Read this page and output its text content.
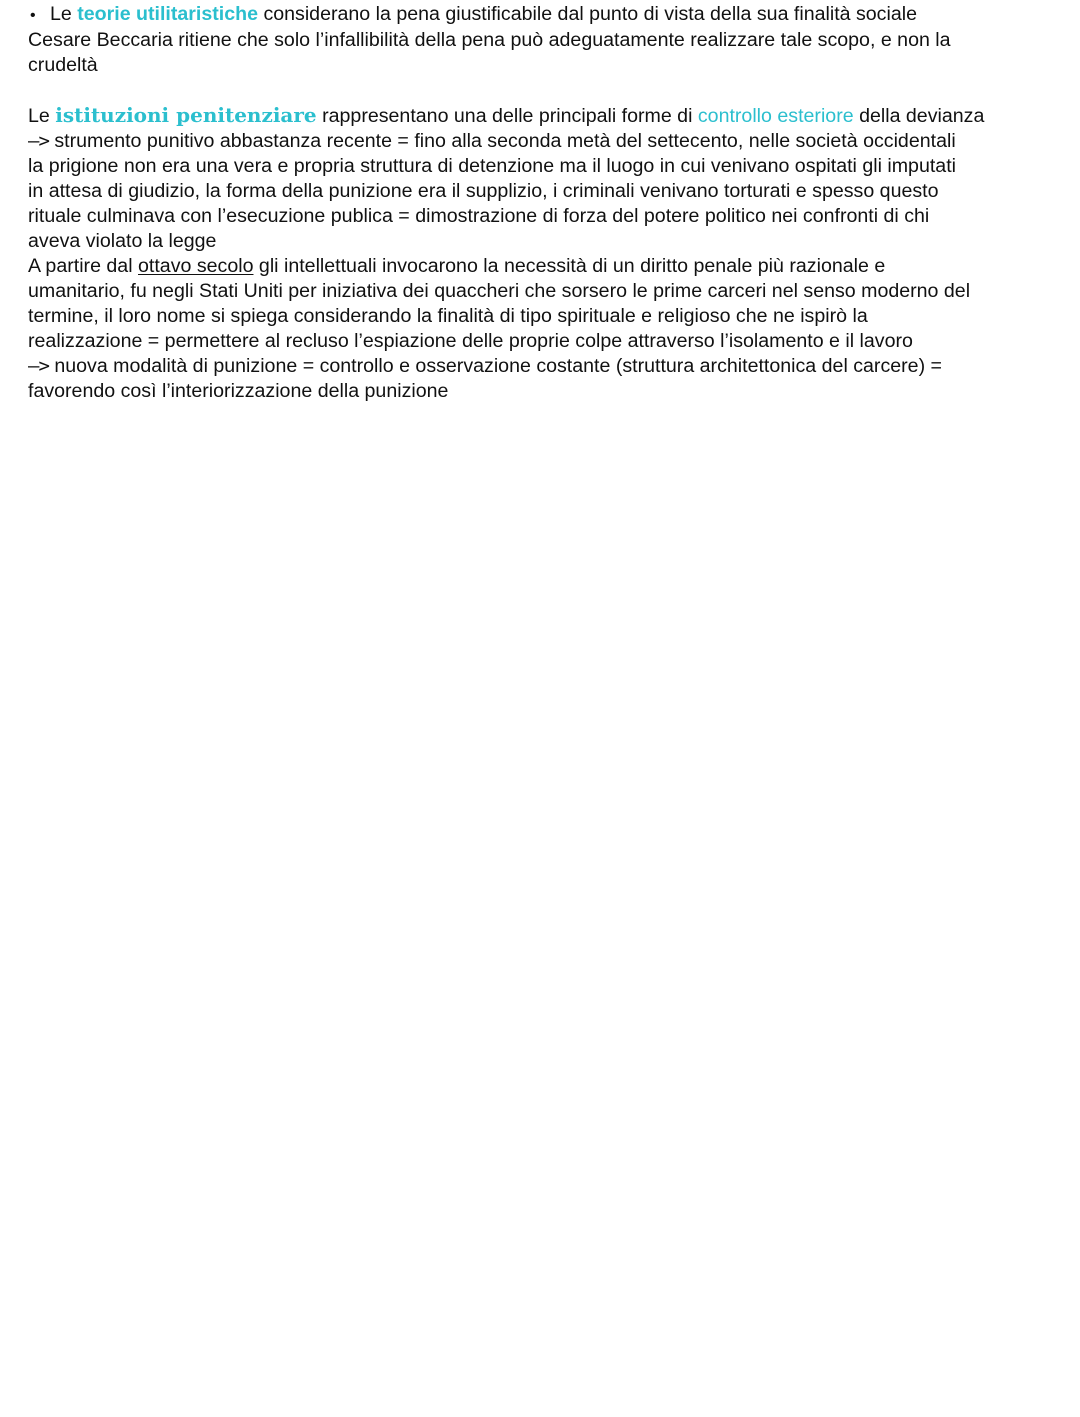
• Le teorie utilitaristiche considerano la pena giustificabile dal punto di vista della sua finalità sociale
Cesare Beccaria ritiene che solo l’infallibilità della pena può adeguatamente realizzare tale scopo, e non la
crudeltà
Le istituzioni penitenziare rappresentano una delle principali forme di controllo esteriore della devianza
—> strumento punitivo abbastanza recente = fino alla seconda metà del settecento, nelle società occidentali
la prigione non era una vera e propria struttura di detenzione ma il luogo in cui venivano ospitati gli imputati
in attesa di giudizio, la forma della punizione era il supplizio, i criminali venivano torturati e spesso questo
rituale culminava con l’esecuzione publica = dimostrazione di forza del potere politico nei confronti di chi
aveva violato la legge
A partire dal ottavo secolo gli intellettuali invocarono la necessità di un diritto penale più razionale e
umanitario, fu negli Stati Uniti per iniziativa dei quaccheri che sorsero le prime carceri nel senso moderno del
termine, il loro nome si spiega considerando la finalità di tipo spirituale e religioso che ne ispirò la
realizzazione = permettere al recluso l’espiazione delle proprie colpe attraverso l’isolamento e il lavoro
—> nuova modalità di punizione = controllo e osservazione costante (struttura architettonica del carcere) =
favorendo così l’interiorizzazione della punizione
